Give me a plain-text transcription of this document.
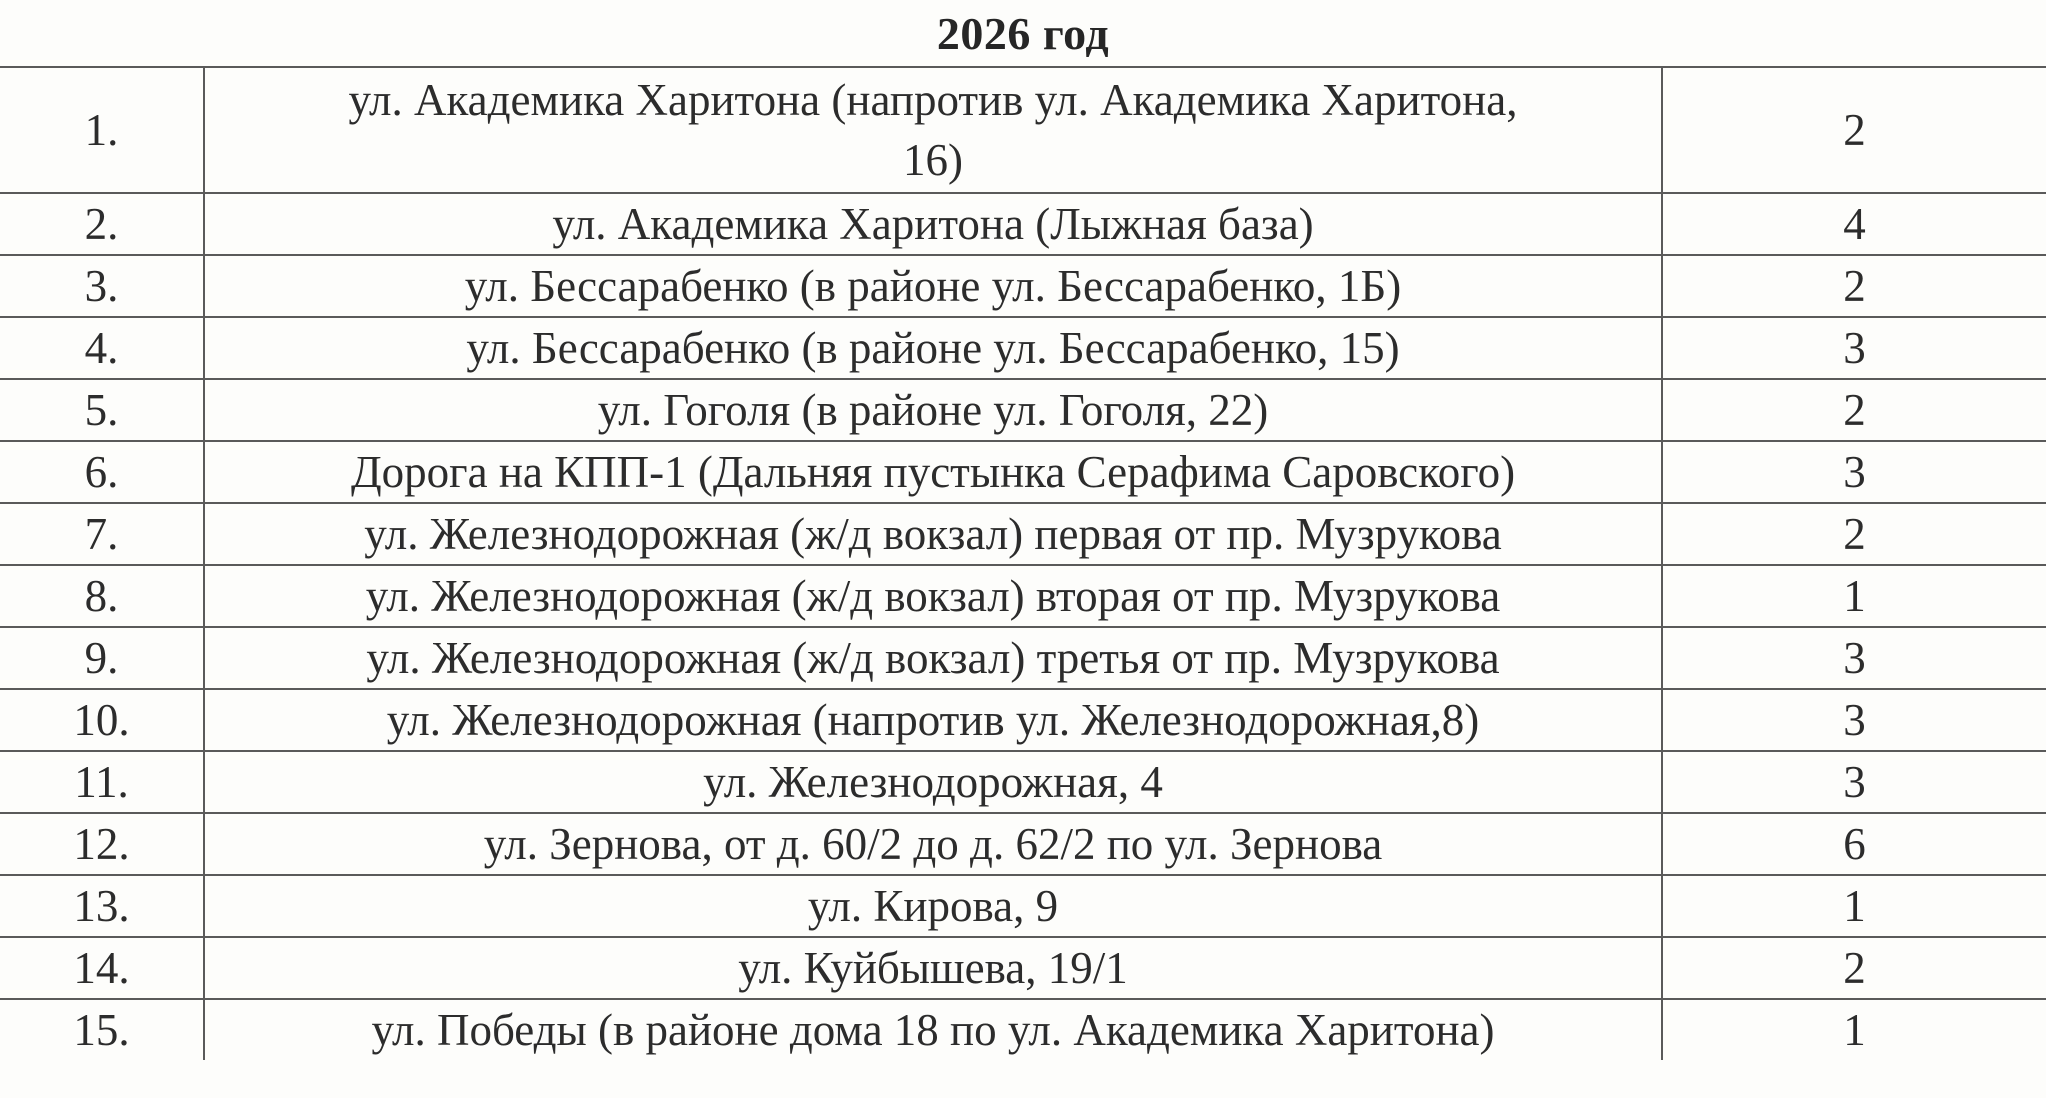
2026 год
1.	ул. Академика Харитона (напротив ул. Академика Харитона, 16)	2
2.	ул. Академика Харитона (Лыжная база)	4
3.	ул. Бессарабенко (в районе ул. Бессарабенко, 1Б)	2
4.	ул. Бессарабенко (в районе ул. Бессарабенко, 15)	3
5.	ул. Гоголя (в районе ул. Гоголя, 22)	2
6.	Дорога на КПП-1 (Дальняя пустынка Серафима Саровского)	3
7.	ул. Железнодорожная (ж/д вокзал) первая от пр. Музрукова	2
8.	ул. Железнодорожная (ж/д вокзал) вторая от пр. Музрукова	1
9.	ул. Железнодорожная (ж/д вокзал) третья от пр. Музрукова	3
10.	ул. Железнодорожная (напротив ул. Железнодорожная,8)	3
11.	ул. Железнодорожная, 4	3
12.	ул. Зернова, от д. 60/2 до д. 62/2 по ул. Зернова	6
13.	ул. Кирова, 9	1
14.	ул. Куйбышева, 19/1	2
15.	ул. Победы (в районе дома 18 по ул. Академика Харитона)	1
